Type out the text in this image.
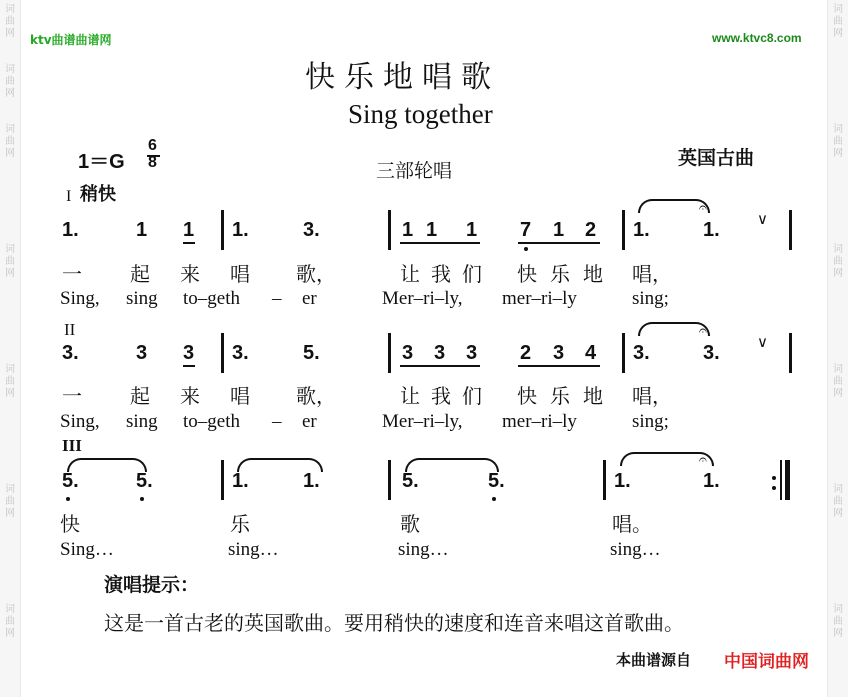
词
曲
网
词
曲
网
词
曲
网
词
曲
网
词
曲
网
词
曲
网
词
曲
网
词
曲
网
词
曲
网
词
曲
网
词
曲
网
词
曲
网
词
曲
网
ktv曲谱曲谱网	www.ktvc8.com
快乐地唱歌
Sing together
1＝G
6
8	三部轮唱
英国古曲
I 稍快
1.	1 1 1.	3.	1 1 1 7 1 2 1.
𝄐
1. ∨
一 起 来 唱 歌，	让 我 们 快 乐 地 唱，
Sing, sing to–geth – er	Mer–ri–ly, mer–ri–ly	sing;
II
3.	3 3 3.	5.	3 3 3 2 3 4 3.
𝄐
3. ∨
一 起 来 唱 歌，	让 我 们 快 乐 地 唱，
Sing, sing to–geth – er	Mer–ri–ly, mer–ri–ly	sing;
III
5.	5.	1.	1.	5.	5.	1.
𝄐
1.
快	乐	歌	唱。
Sing…	sing…	sing…	sing…
演唱提示：
这是一首古老的英国歌曲。要用稍快的速度和连音来唱这首歌曲。
本曲谱源自 中国词曲网
